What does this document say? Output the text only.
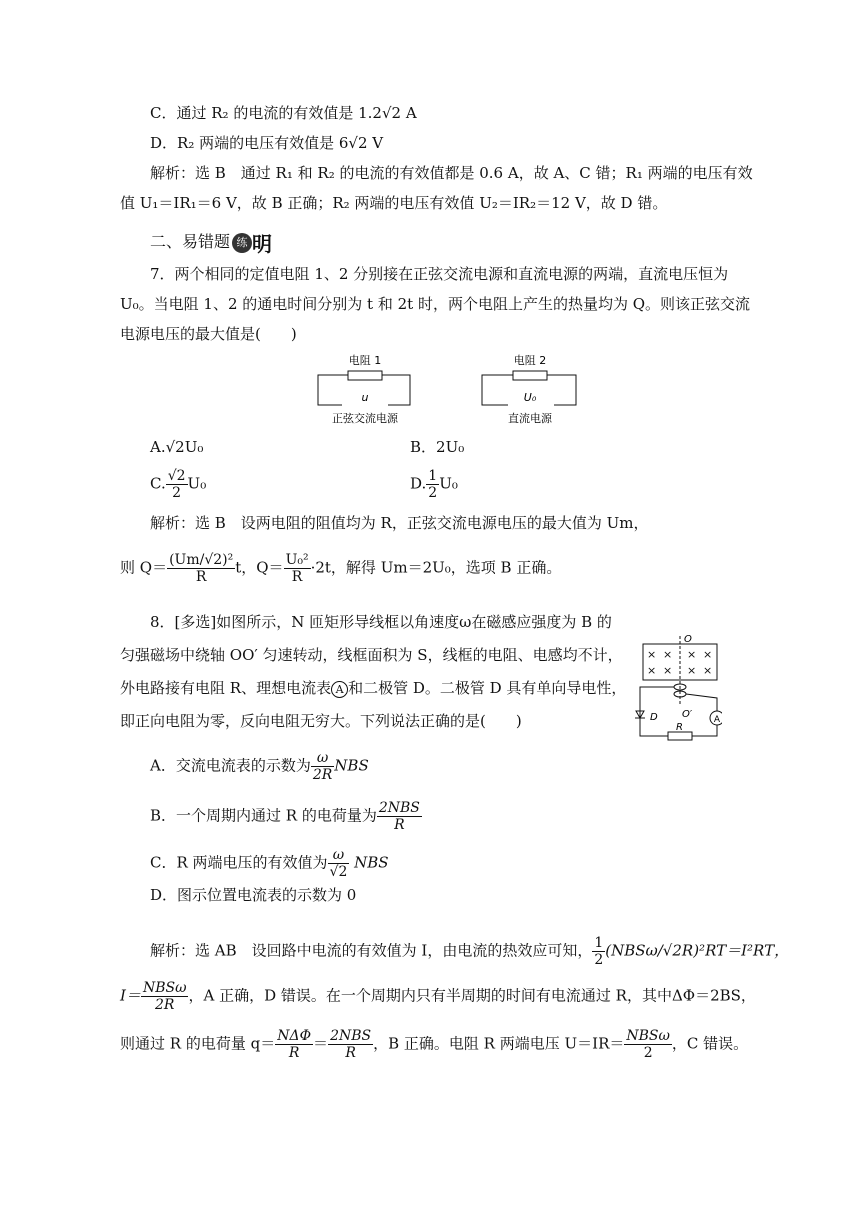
C．通过 R₂ 的电流的有效值是 1.2√2 A
D．R₂ 两端的电压有效值是 6√2 V
解析：选 B　通过 R₁ 和 R₂ 的电流的有效值都是 0.6 A，故 A、C 错；R₁ 两端的电压有效
值 U₁＝IR₁＝6 V，故 B 正确；R₂ 两端的电压有效值 U₂＝IR₂＝12 V，故 D 错。
二、易错题 练 明
7．两个相同的定值电阻 1、2 分别接在正弦交流电源和直流电源的两端，直流电压恒为
U₀。当电阻 1、2 的通电时间分别为 t 和 2t 时，两个电阻上产生的热量均为 Q。则该正弦交流
电源电压的最大值是(　　)
电阻 1
u
正弦交流电源
电阻 2
U₀
直流电源
A.√2U₀	B．2U₀
C. $\frac{√2}{2} U_0$	D. $\frac{1}{2} U_0$
解析：选 B　设两电阻的阻值均为 R，正弦交流电源电压的最大值为 Um，
则 $Q= \frac{\text{(Um/√2)²}}{R}$ t，$Q= \frac{\text{U₀²}}{R} \cdot 2t$，解得 Um＝2U₀，选项 B 正确。
8．[多选]如图所示，N 匝矩形导线框以角速度ω在磁感应强度为 B 的
匀强磁场中绕轴 OO′ 匀速转动，线框面积为 S，线框的电阻、电感均不计，
外电路接有电阻 R、理想电流表 A 和二极管 D。二极管 D 具有单向导电性，
即正向电阻为零，反向电阻无穷大。下列说法正确的是(　　)
O
× × × ×
× × × ×
D O′ A
R
A．交流电流表的示数为 $\frac{\omega}{2R}$ NBS
B．一个周期内通过 R 的电荷量为 $\frac{\text{2NBS}}{R}$
C．R 两端电压的有效值为 $\frac{\omega}{√2}$ NBS
D．图示位置电流表的示数为 0
解析：选 AB　设回路中电流的有效值为 I，由电流的热效应可知， $\frac{1}{2} (NBS\omega/√2R)^2RT=I^2RT$，
$I= \frac{\text{NBSω}}{2R}$ ，A 正确，D 错误。在一个周期内只有半周期的时间有电流通过 R，其中ΔΦ＝2BS，
则通过 R 的电荷量 $q= \frac{\text{NΔΦ}}{R} = \frac{\text{2NBS}}{R}$ ，B 正确。电阻 R 两端电压 $U=IR= \frac{\text{NBSω}}{2}$ ，C 错误。
